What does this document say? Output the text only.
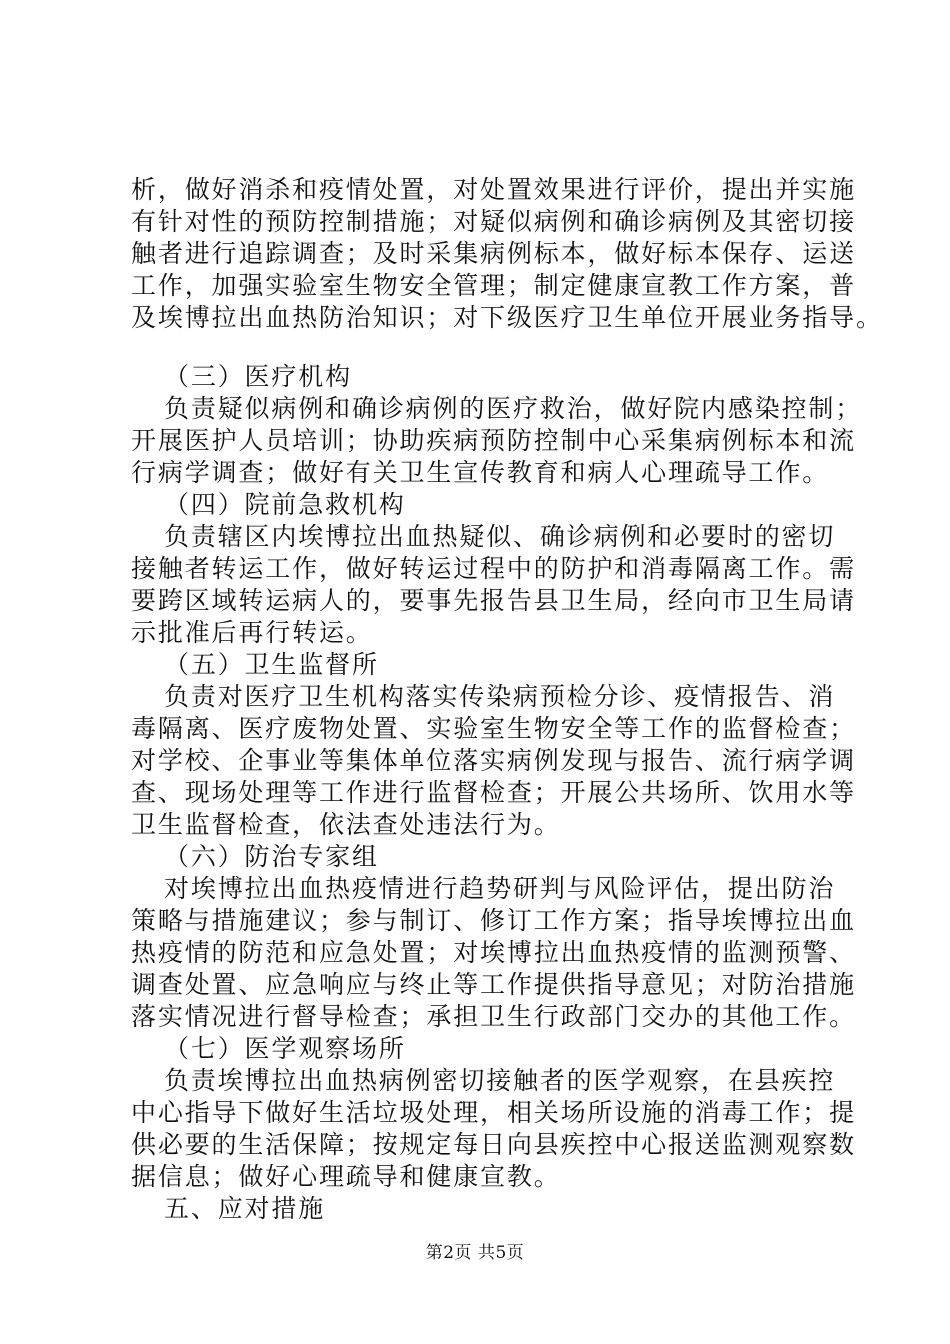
析，做好消杀和疫情处置，对处置效果进行评价，提出并实施
有针对性的预防控制措施；对疑似病例和确诊病例及其密切接
触者进行追踪调查；及时采集病例标本，做好标本保存、运送
工作，加强实验室生物安全管理；制定健康宣教工作方案，普
及埃博拉出血热防治知识；对下级医疗卫生单位开展业务指导。
（三）医疗机构
负责疑似病例和确诊病例的医疗救治，做好院内感染控制；
开展医护人员培训；协助疾病预防控制中心采集病例标本和流
行病学调查；做好有关卫生宣传教育和病人心理疏导工作。
（四）院前急救机构
负责辖区内埃博拉出血热疑似、确诊病例和必要时的密切
接触者转运工作，做好转运过程中的防护和消毒隔离工作。需
要跨区域转运病人的，要事先报告县卫生局，经向市卫生局请
示批准后再行转运。
（五）卫生监督所
负责对医疗卫生机构落实传染病预检分诊、疫情报告、消
毒隔离、医疗废物处置、实验室生物安全等工作的监督检查；
对学校、企事业等集体单位落实病例发现与报告、流行病学调
查、现场处理等工作进行监督检查；开展公共场所、饮用水等
卫生监督检查，依法查处违法行为。
（六）防治专家组
对埃博拉出血热疫情进行趋势研判与风险评估，提出防治
策略与措施建议；参与制订、修订工作方案；指导埃博拉出血
热疫情的防范和应急处置；对埃博拉出血热疫情的监测预警、
调查处置、应急响应与终止等工作提供指导意见；对防治措施
落实情况进行督导检查；承担卫生行政部门交办的其他工作。
（七）医学观察场所
负责埃博拉出血热病例密切接触者的医学观察，在县疾控
中心指导下做好生活垃圾处理，相关场所设施的消毒工作；提
供必要的生活保障；按规定每日向县疾控中心报送监测观察数
据信息；做好心理疏导和健康宣教。
五、应对措施
第2页 共5页
